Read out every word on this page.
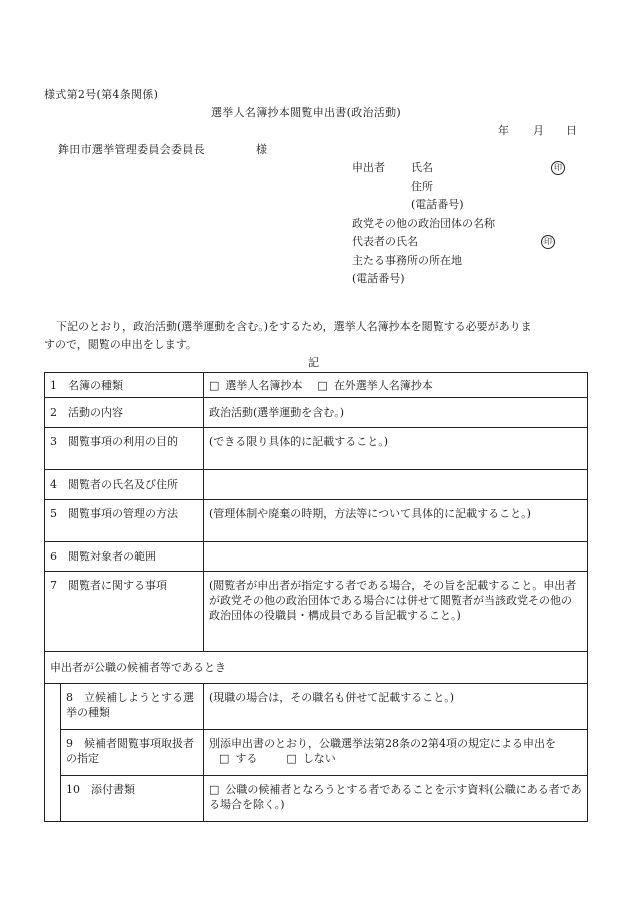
様式第2号(第4条関係)
選挙人名簿抄本閲覧申出書(政治活動)
年 月 日
鉾田市選挙管理委員会委員長	様
申出者 氏名	印
住所
(電話番号)
政党その他の政治団体の名称
代表者の氏名	印
主たる事務所の所在地
(電話番号)
下記のとおり，政治活動(選挙運動を含む。)をするため，選挙人名簿抄本を閲覧する必要がありま
すので，閲覧の申出をします。
記
1　名簿の種類		□ 選挙人名簿抄本 □ 在外選挙人名簿抄本
2　活動の内容		政治活動(選挙運動を含む。)
3　閲覧事項の利用の目的		(できる限り具体的に記載すること。)
4　閲覧者の氏名及び住所		
5　閲覧事項の管理の方法		(管理体制や廃棄の時期，方法等について具体的に記載すること。)
6　閲覧対象者の範囲		
7　閲覧者に関する事項		(閲覧者が申出者が指定する者である場合，その旨を記載すること。申出者が政党その他の政治団体である場合には併せて閲覧者が当該政党その他の政治団体の役職員・構成員である旨記載すること。)
申出者が公職の候補者等であるとき		
	8　立候補しようとする選挙の種類	(現職の場合は，その職名も併せて記載すること。)
	9　候補者閲覧事項取扱者の指定	別添申出書のとおり，公職選挙法第28条の2第4項の規定による申出を
□ する □ しない

	10　添付書類	□ 公職の候補者となろうとする者であることを示す資料(公職にある者である場合を除く。)
